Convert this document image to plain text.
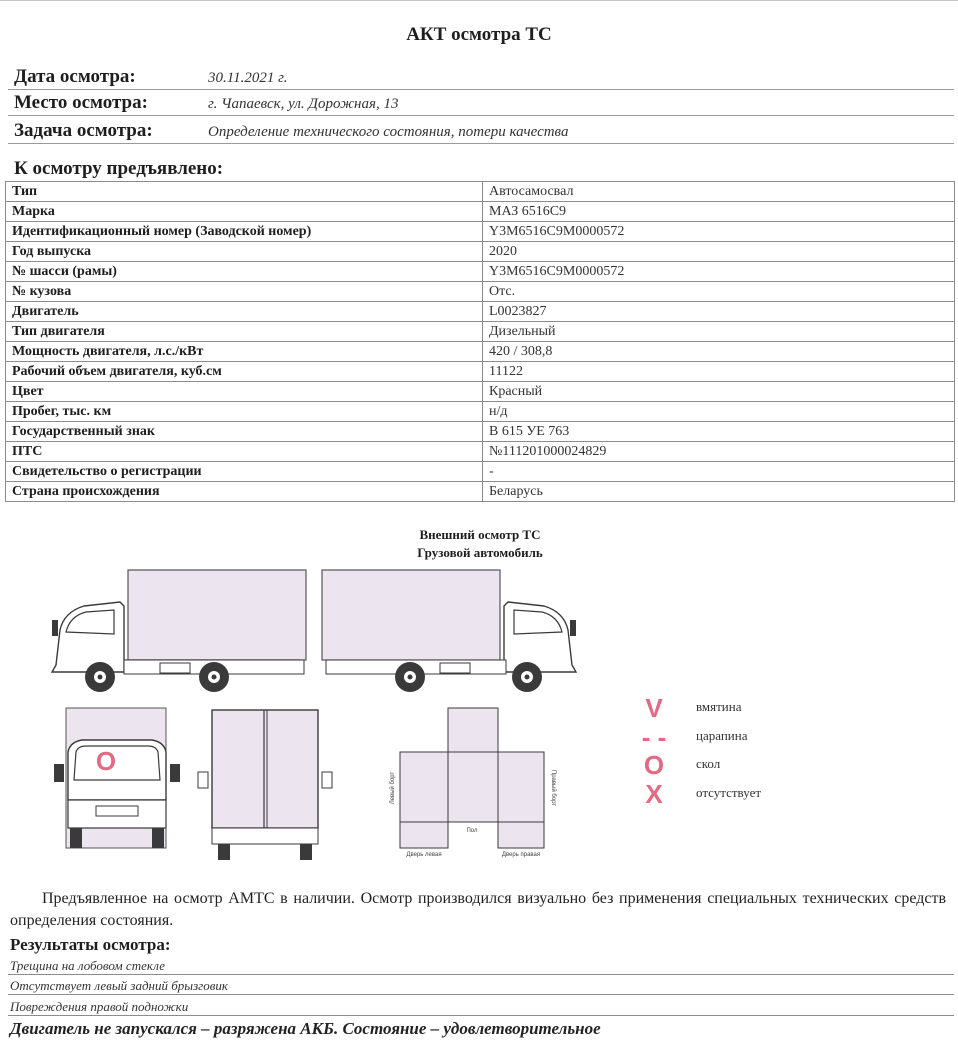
АКТ осмотра ТС
Дата осмотра:	30.11.2021 г.
Место осмотра:	г. Чапаевск, ул. Дорожная, 13
Задача осмотра:	Определение технического состояния, потери качества
К осмотру предъявлено:
Тип	Автосамосвал
Марка	МАЗ 6516С9
Идентификационный номер (Заводской номер)	Y3M6516C9M0000572
Год выпуска	2020
№ шасси (рамы)	Y3M6516C9M0000572
№ кузова	Отс.
Двигатель	L0023827
Тип двигателя	Дизельный
Мощность двигателя, л.с./кВт	420 / 308,8
Рабочий объем двигателя, куб.см	11122
Цвет	Красный
Пробег, тыс. км	н/д
Государственный знак	В 615 УЕ 763
ПТС	№111201000024829
Свидетельство о регистрации	-
Страна происхождения	Беларусь
Внешний осмотр ТС
Грузовой автомобиль
O
Левый борт	Правый борт
Пол
Дверь левая	Дверь правая
V	вмятина
- -	царапина
O	скол
X	отсутствует
Предъявленное на осмотр АМТС в наличии. Осмотр производился визуально без применения специальных технических средств определения состояния.
Результаты осмотра:
Трещина на лобовом стекле
Отсутствует левый задний брызговик
Повреждения правой подножки
Двигатель не запускался – разряжена АКБ. Состояние – удовлетворительное
